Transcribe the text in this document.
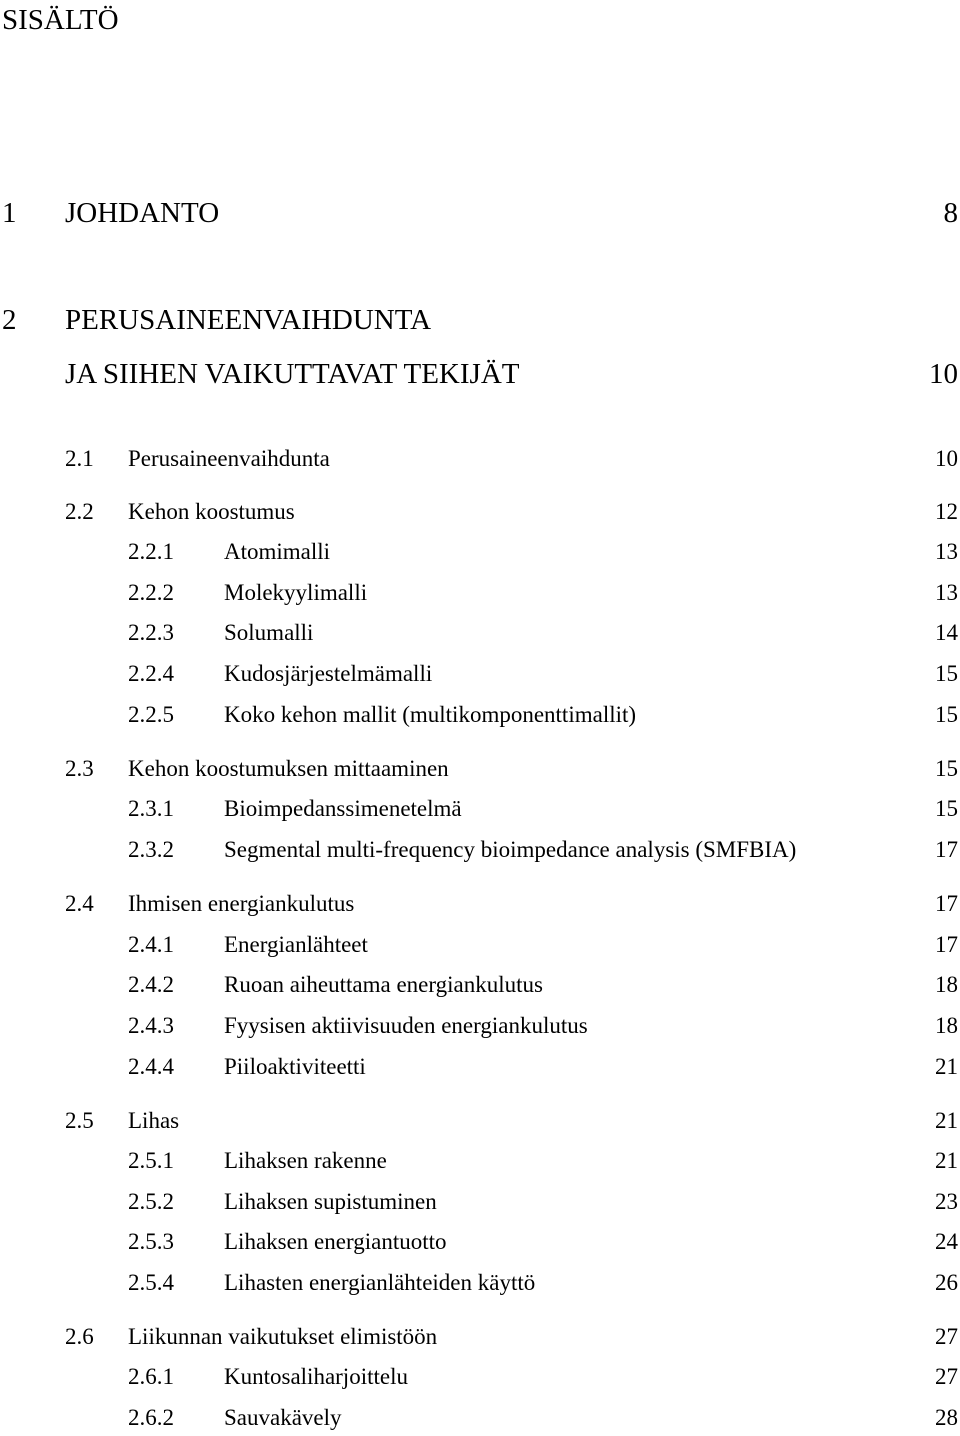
SISÄLTÖ
1 JOHDANTO	8
2 PERUSAINEENVAIHDUNTA
JA SIIHEN VAIKUTTAVAT TEKIJÄT	10
2.1 Perusaineenvaihdunta	10
2.2 Kehon koostumus	12
2.2.1 Atomimalli	13
2.2.2 Molekyylimalli	13
2.2.3 Solumalli	14
2.2.4 Kudosjärjestelmämalli	15
2.2.5 Koko kehon mallit (multikomponenttimallit)	15
2.3 Kehon koostumuksen mittaaminen	15
2.3.1 Bioimpedanssimenetelmä	15
2.3.2 Segmental multi-frequency bioimpedance analysis (SMFBIA)	17
2.4 Ihmisen energiankulutus	17
2.4.1 Energianlähteet	17
2.4.2 Ruoan aiheuttama energiankulutus	18
2.4.3 Fyysisen aktiivisuuden energiankulutus	18
2.4.4 Piiloaktiviteetti	21
2.5 Lihas	21
2.5.1 Lihaksen rakenne	21
2.5.2 Lihaksen supistuminen	23
2.5.3 Lihaksen energiantuotto	24
2.5.4 Lihasten energianlähteiden käyttö	26
2.6 Liikunnan vaikutukset elimistöön	27
2.6.1 Kuntosaliharjoittelu	27
2.6.2 Sauvakävely	28
